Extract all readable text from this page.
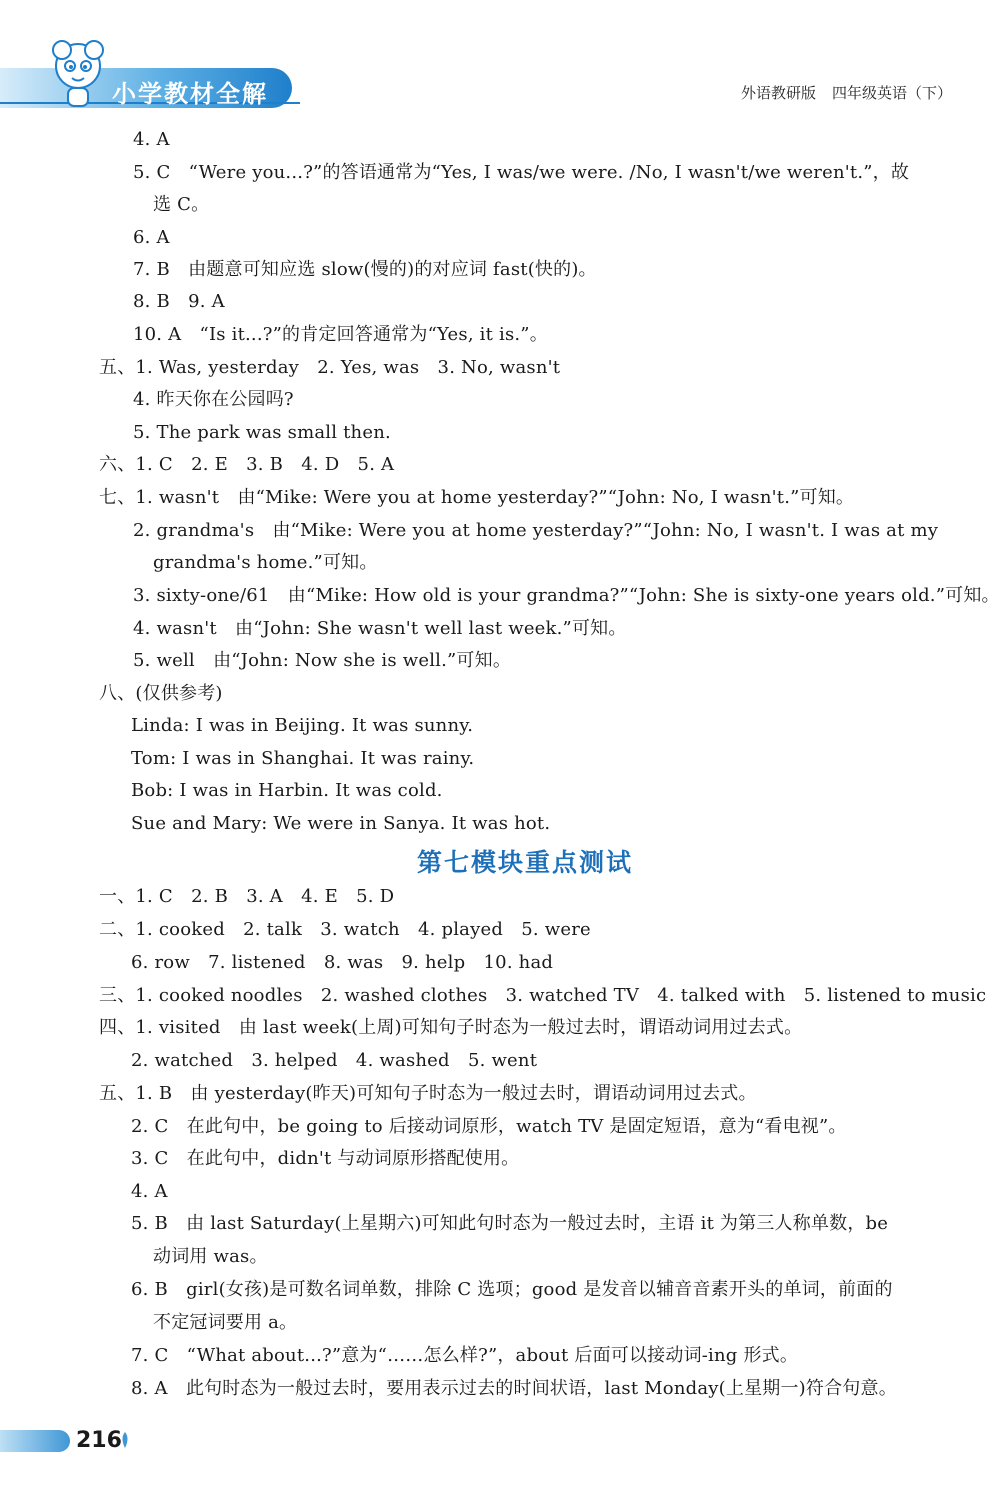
小学教材全解	外语教研版 四年级英语（下）
4. A
5. C　“Were you...?”的答语通常为“Yes, I was/we were. /No, I wasn't/we weren't.”，故
选 C。
6. A
7. B　由题意可知应选 slow(慢的)的对应词 fast(快的)。
8. B　9. A
10. A　“Is it...?”的肯定回答通常为“Yes, it is.”。
五、1. Was, yesterday　2. Yes, was　3. No, wasn't
4. 昨天你在公园吗?
5. The park was small then.
六、1. C　2. E　3. B　4. D　5. A
七、1. wasn't　由“Mike: Were you at home yesterday?”“John: No, I wasn't.”可知。
2. grandma's　由“Mike: Were you at home yesterday?”“John: No, I wasn't. I was at my
grandma's home.”可知。
3. sixty-one/61　由“Mike: How old is your grandma?”“John: She is sixty-one years old.”可知。
4. wasn't　由“John: She wasn't well last week.”可知。
5. well　由“John: Now she is well.”可知。
八、(仅供参考)
Linda: I was in Beijing. It was sunny.
Tom: I was in Shanghai. It was rainy.
Bob: I was in Harbin. It was cold.
Sue and Mary: We were in Sanya. It was hot.
第七模块重点测试
一、1. C　2. B　3. A　4. E　5. D
二、1. cooked　2. talk　3. watch　4. played　5. were
6. row　7. listened　8. was　9. help　10. had
三、1. cooked noodles　2. washed clothes　3. watched TV　4. talked with　5. listened to music
四、1. visited　由 last week(上周)可知句子时态为一般过去时，谓语动词用过去式。
2. watched　3. helped　4. washed　5. went
五、1. B　由 yesterday(昨天)可知句子时态为一般过去时，谓语动词用过去式。
2. C　在此句中，be going to 后接动词原形，watch TV 是固定短语，意为“看电视”。
3. C　在此句中，didn't 与动词原形搭配使用。
4. A
5. B　由 last Saturday(上星期六)可知此句时态为一般过去时，主语 it 为第三人称单数，be
动词用 was。
6. B　girl(女孩)是可数名词单数，排除 C 选项；good 是发音以辅音音素开头的单词，前面的
不定冠词要用 a。
7. C　“What about...?”意为“……怎么样?”，about 后面可以接动词-ing 形式。
8. A　此句时态为一般过去时，要用表示过去的时间状语，last Monday(上星期一)符合句意。
216
